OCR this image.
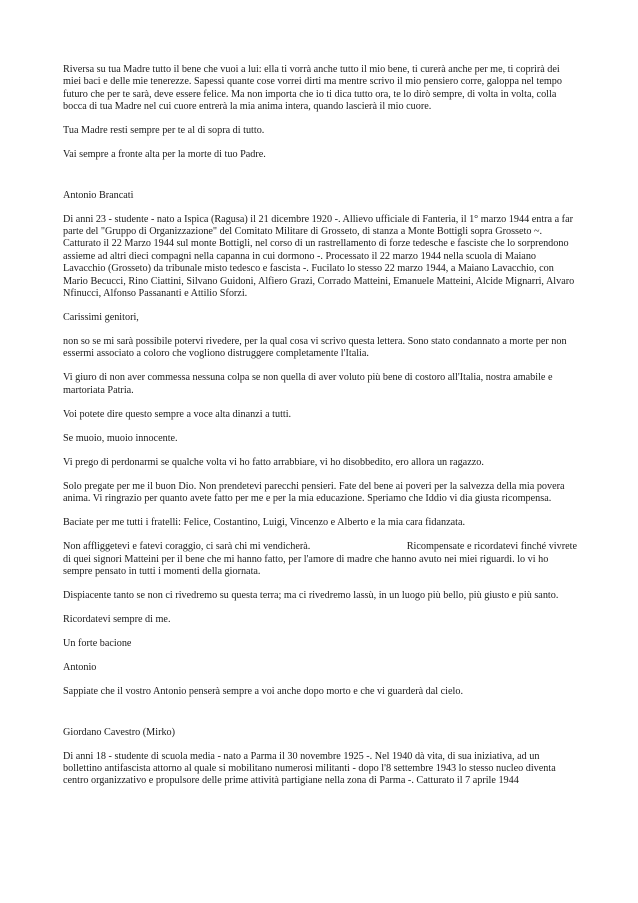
Riversa su tua Madre tutto il bene che vuoi a lui: ella ti vorrà anche tutto il mio bene, ti curerà anche per me, ti coprirà dei miei baci e delle mie tenerezze. Sapessi quante cose vorrei dirti ma mentre scrivo il mio pensiero corre, galoppa nel tempo futuro che per te sarà, deve essere felice. Ma non importa che io ti dica tutto ora, te lo dirò sempre, di volta in volta, colla bocca di tua Madre nel cui cuore entrerà la mia anima intera, quando lascierà il mio cuore.

Tua Madre resti sempre per te al di sopra di tutto.

Vai sempre a fronte alta per la morte di tuo Padre.

Antonio Brancati

Di anni 23 - studente - nato a Ispica (Ragusa) il 21 dicembre 1920 -. Allievo ufficiale di Fanteria, il 1° marzo 1944 entra a far parte del "Gruppo di Organizzazione" del Comitato Militare di Grosseto, di stanza a Monte Bottigli sopra Grosseto ~. Catturato il 22 Marzo 1944 sul monte Bottigli, nel corso di un rastrellamento di forze tedesche e fasciste che lo sorprendono assieme ad altri dieci compagni nella capanna in cui dormono -. Processato il 22 marzo 1944 nella scuola di Maiano Lavacchio (Grosseto) da tribunale misto tedesco e fascista -. Fucilato lo stesso 22 marzo 1944, a Maiano Lavacchio, con Mario Becucci, Rino Ciattini, Silvano Guidoni, Alfiero Grazi, Corrado Matteini, Emanuele Matteini, Alcide Mignarri, Alvaro Nfinucci, Alfonso Passananti e Attilio Sforzi.

Carissimi genitori,

non so se mi sarà possibile potervi rivedere, per la qual cosa vi scrivo questa lettera. Sono stato condannato a morte per non essermi associato a coloro che vogliono distruggere completamente l'Italia.

Vi giuro di non aver commessa nessuna colpa se non quella di aver voluto più bene di costoro all'Italia, nostra amabile e martoriata Patria.

Voi potete dire questo sempre a voce alta dinanzi a tutti.

Se muoio, muoio innocente.

Vi prego di perdonarmi se qualche volta vi ho fatto arrabbiare, vi ho disobbedito, ero allora un ragazzo.

Solo pregate per me il buon Dio. Non prendetevi parecchi pensieri. Fate del bene ai poveri per la salvezza della mia povera anima. Vi ringrazio per quanto avete fatto per me e per la mia educazione. Speriamo che Iddio vi dia giusta ricompensa.

Baciate per me tutti i fratelli: Felice, Costantino, Luigi, Vincenzo e Alberto e la mia cara fidanzata.

Non affliggetevi e fatevi coraggio, ci sarà chi mi vendicherà.	Ricompensate e ricordatevi finché vivrete
di quei signori Matteini per il bene che mi hanno fatto, per l'amore di madre che hanno avuto nei miei riguardi. lo vi ho sempre pensato in tutti i momenti della giornata.

Dispiacente tanto se non ci rivedremo su questa terra; ma ci rivedremo lassù, in un luogo più bello, più giusto e più santo.

Ricordatevi sempre di me.

Un forte bacione

Antonio

Sappiate che il vostro Antonio penserà sempre a voi anche dopo morto e che vi guarderà dal cielo.

Giordano Cavestro (Mirko)

Di anni 18 - studente di scuola media - nato a Parma il 30 novembre 1925 -. Nel 1940 dà vita, di sua iniziativa, ad un bollettino antifascista attorno al quale si mobilitano numerosi militanti - dopo l'8 settembre 1943 lo stesso nucleo diventa centro organizzativo e propulsore delle prime attività partigiane nella zona di Parma -. Catturato il 7 aprile 1944
